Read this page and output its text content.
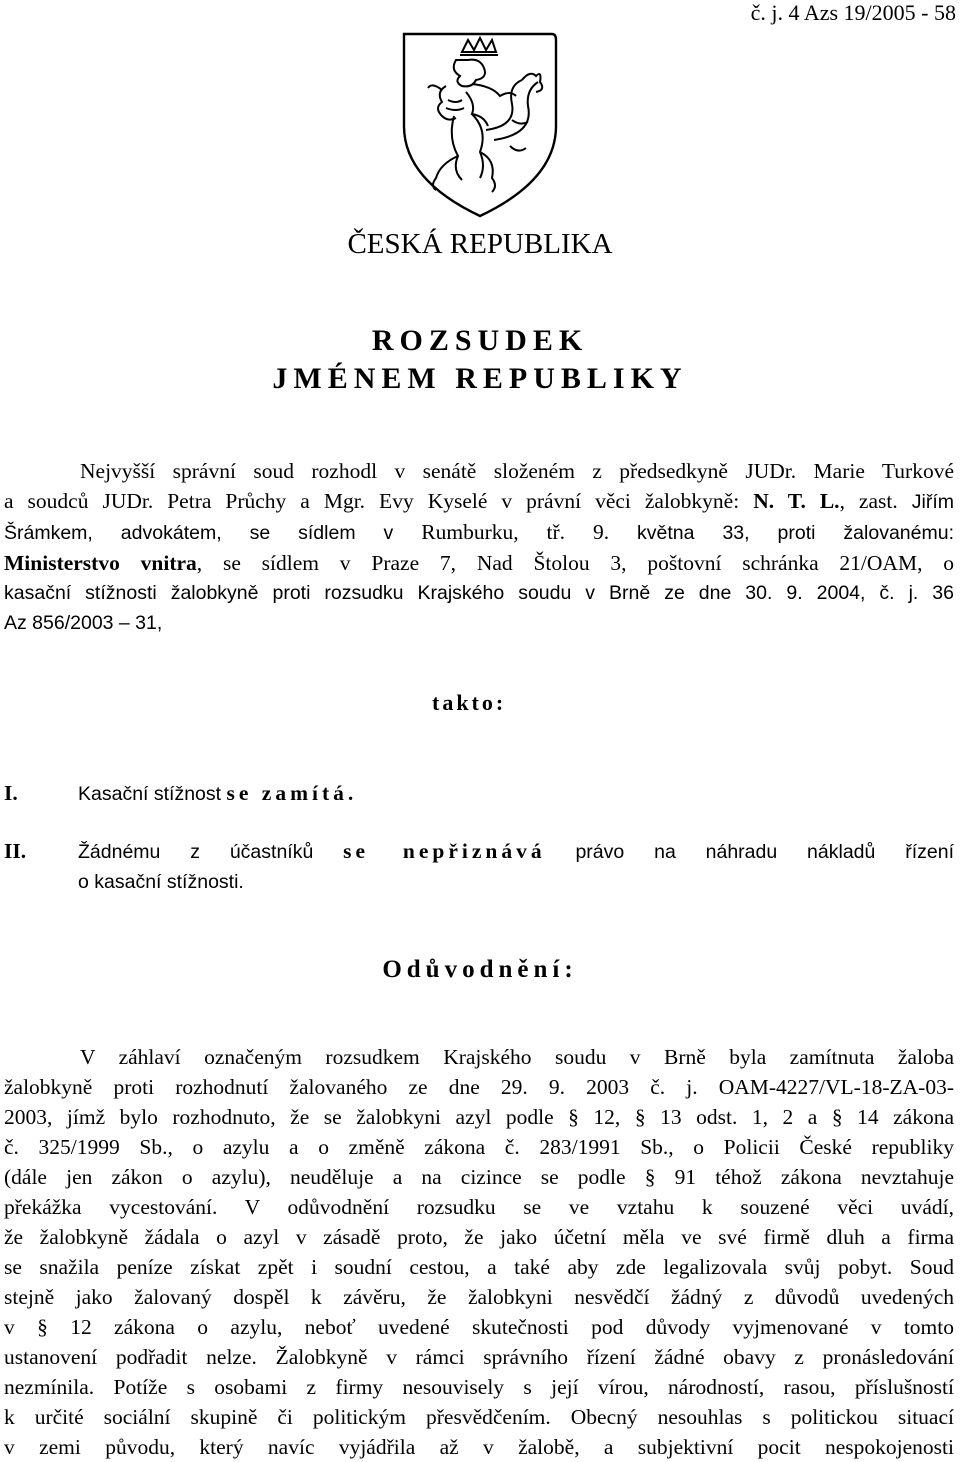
č. j. 4 Azs 19/2005 - 58
ČESKÁ REPUBLIKA
ROZSUDEK
JMÉNEM REPUBLIKY
Nejvyšší správní soud rozhodl v senátě složeném z předsedkyně JUDr. Marie Turkové
a soudců JUDr. Petra Průchy a Mgr. Evy Kyselé v právní věci žalobkyně: N. T. L., zast. Jiřím
Šrámkem, advokátem, se sídlem v Rumburku, tř. 9. května 33, proti žalovanému:
Ministerstvo vnitra, se sídlem v Praze 7, Nad Štolou 3, poštovní schránka 21/OAM, o
kasační stížnosti žalobkyně proti rozsudku Krajského soudu v Brně ze dne 30. 9. 2004, č. j. 36
Az 856/2003 – 31,
takto:
I.	Kasační stížnost se zamítá.
II.	Žádnému z účastníků se nepřiznává právo na náhradu nákladů řízení
o kasační stížnosti.
Odůvodnění:
V záhlaví označeným rozsudkem Krajského soudu v Brně byla zamítnuta žaloba
žalobkyně proti rozhodnutí žalovaného ze dne 29. 9. 2003 č. j. OAM-4227/VL-18-ZA-03-
2003, jímž bylo rozhodnuto, že se žalobkyni azyl podle § 12, § 13 odst. 1, 2 a § 14 zákona
č. 325/1999 Sb., o azylu a o změně zákona č. 283/1991 Sb., o Policii České republiky
(dále jen zákon o azylu), neuděluje a na cizince se podle § 91 téhož zákona nevztahuje
překážka vycestování. V odůvodnění rozsudku se ve vztahu k souzené věci uvádí,
že žalobkyně žádala o azyl v zásadě proto, že jako účetní měla ve své firmě dluh a firma
se snažila peníze získat zpět i soudní cestou, a také aby zde legalizovala svůj pobyt. Soud
stejně jako žalovaný dospěl k závěru, že žalobkyni nesvědčí žádný z důvodů uvedených
v § 12 zákona o azylu, neboť uvedené skutečnosti pod důvody vyjmenované v tomto
ustanovení podřadit nelze. Žalobkyně v rámci správního řízení žádné obavy z pronásledování
nezmínila. Potíže s osobami z firmy nesouvisely s její vírou, národností, rasou, příslušností
k určité sociální skupině či politickým přesvědčením. Obecný nesouhlas s politickou situací
v zemi původu, který navíc vyjádřila až v žalobě, a subjektivní pocit nespokojenosti
